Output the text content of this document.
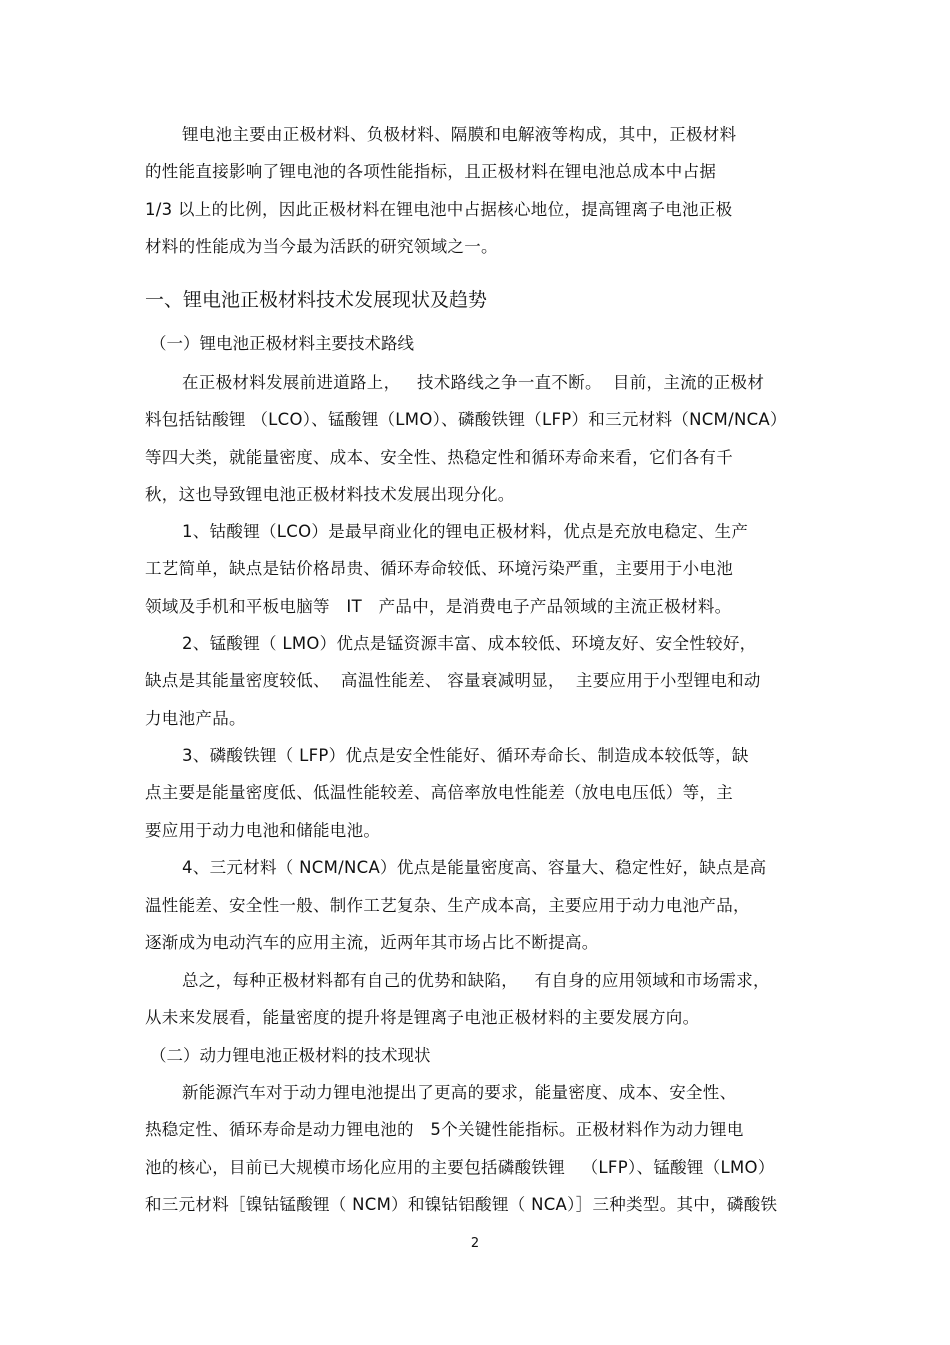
锂电池主要由正极材料、负极材料、隔膜和电解液等构成，其中，正极材料
的性能直接影响了锂电池的各项性能指标，且正极材料在锂电池总成本中占据
1/3 以上的比例，因此正极材料在锂电池中占据核心地位，提高锂离子电池正极
材料的性能成为当今最为活跃的研究领域之一。
一、锂电池正极材料技术发展现状及趋势
（一）锂电池正极材料主要技术路线
在正极材料发展前进道路上，   技术路线之争一直不断。  目前，主流的正极材
料包括钴酸锂 （LCO）、锰酸锂（LMO）、磷酸铁锂（LFP）和三元材料（NCM/NCA）
等四大类，就能量密度、成本、安全性、热稳定性和循环寿命来看，它们各有千
秋，这也导致锂电池正极材料技术发展出现分化。
1、钴酸锂（LCO）是最早商业化的锂电正极材料，优点是充放电稳定、生产
工艺简单，缺点是钴价格昂贵、循环寿命较低、环境污染严重，主要用于小电池
领域及手机和平板电脑等   IT   产品中，是消费电子产品领域的主流正极材料。
2、锰酸锂（ LMO）优点是锰资源丰富、成本较低、环境友好、安全性较好，
缺点是其能量密度较低、  高温性能差、 容量衰减明显，  主要应用于小型锂电和动
力电池产品。
3、磷酸铁锂（ LFP）优点是安全性能好、循环寿命长、制造成本较低等，缺
点主要是能量密度低、低温性能较差、高倍率放电性能差（放电电压低）等，主
要应用于动力电池和储能电池。
4、三元材料（ NCM/NCA）优点是能量密度高、容量大、稳定性好，缺点是高
温性能差、安全性一般、制作工艺复杂、生产成本高，主要应用于动力电池产品，
逐渐成为电动汽车的应用主流，近两年其市场占比不断提高。
总之，每种正极材料都有自己的优势和缺陷，   有自身的应用领域和市场需求，
从未来发展看，能量密度的提升将是锂离子电池正极材料的主要发展方向。
（二）动力锂电池正极材料的技术现状
新能源汽车对于动力锂电池提出了更高的要求，能量密度、成本、安全性、
热稳定性、循环寿命是动力锂电池的   5个关键性能指标。正极材料作为动力锂电
池的核心，目前已大规模市场化应用的主要包括磷酸铁锂   （LFP）、锰酸锂（LMO）
和三元材料［镍钴锰酸锂（ NCM）和镍钴铝酸锂（ NCA）］三种类型。其中，磷酸铁
2
